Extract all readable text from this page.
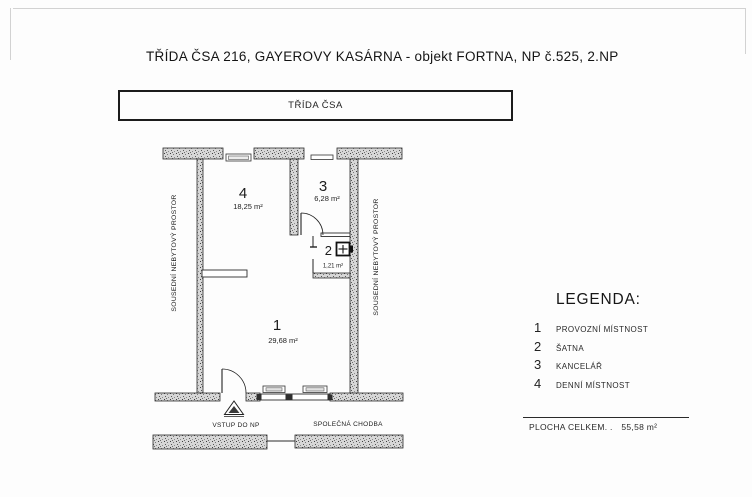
TŘÍDA ČSA 216, GAYEROVY KASÁRNA - objekt FORTNA, NP č.525, 2.NP
TŘÍDA ČSA
1
29,68 m²
2
1,21 m²
3
6,28 m²
4
18,25 m²
SOUSEDNÍ NEBYTOVÝ PROSTOR	SOUSEDNÍ NEBYTOVÝ PROSTOR
VSTUP DO NP	SPOLEČNÁ CHODBA
LEGENDA:
1	PROVOZNÍ MÍSTNOST
2	ŠATNA
3	KANCELÁŘ
4	DENNÍ MÍSTNOST
PLOCHA CELKEM. . 55,58 m²
